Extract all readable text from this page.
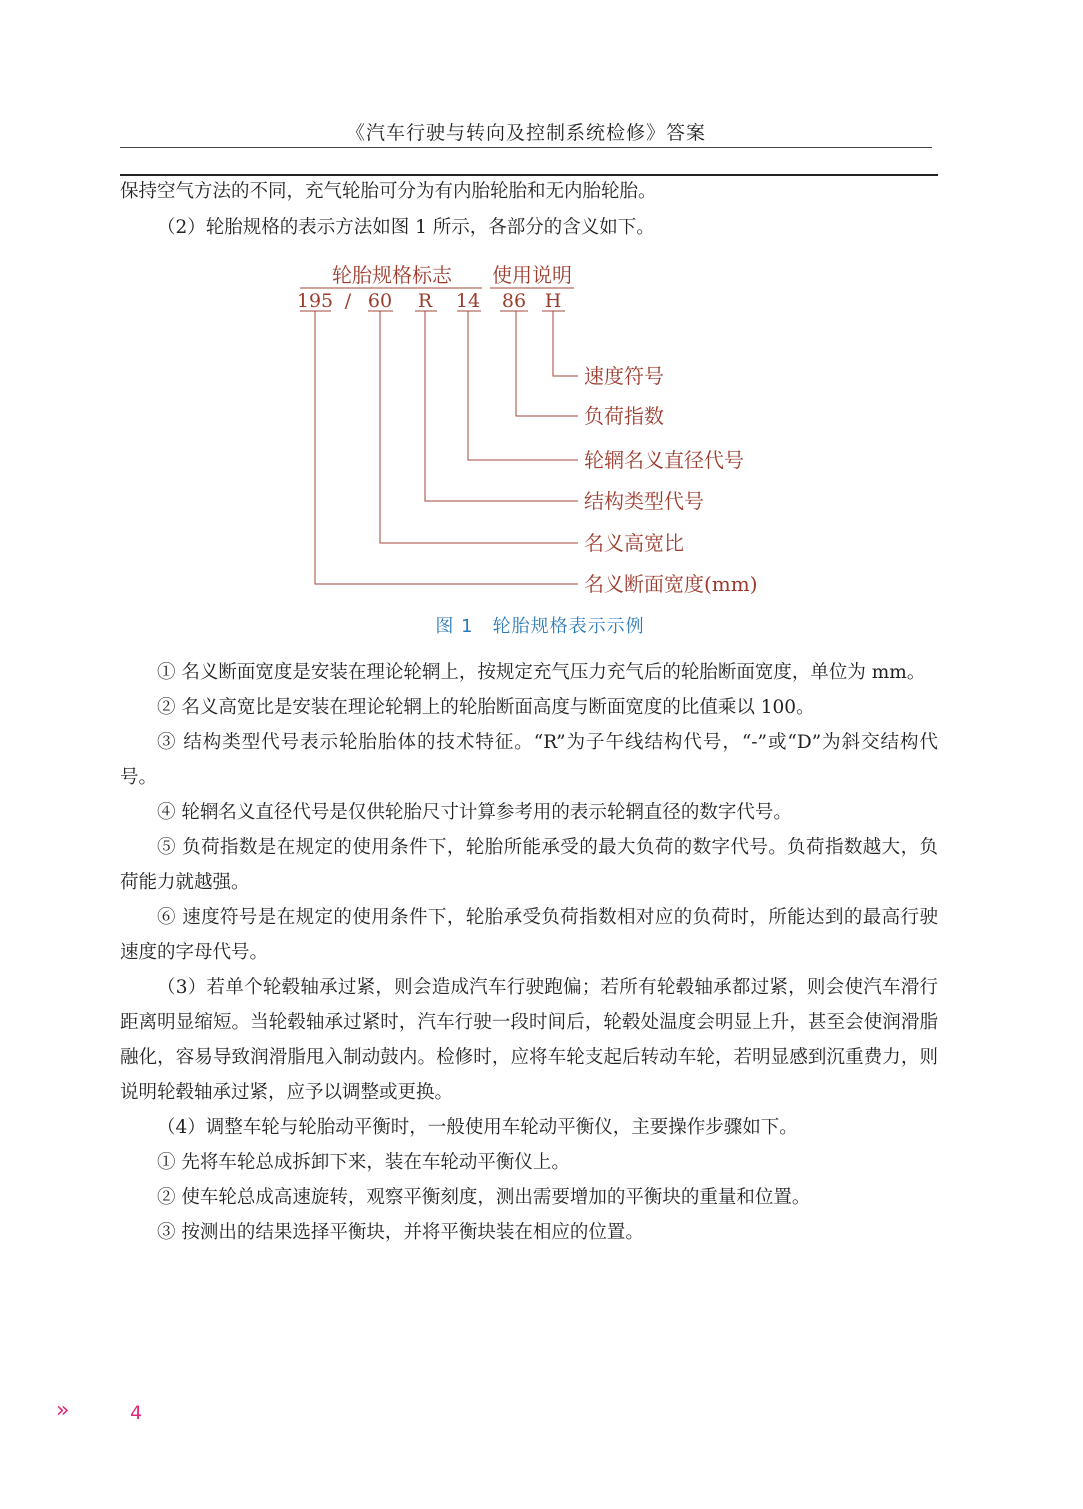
《汽车行驶与转向及控制系统检修》答案

保持空气方法的不同，充气轮胎可分为有内胎轮胎和无内胎轮胎。

（2）轮胎规格的表示方法如图 1 所示，各部分的含义如下。

轮胎规格标志 使用说明
195 / 60 R 14 86 H
速度符号
负荷指数
轮辋名义直径代号
结构类型代号
名义高宽比
名义断面宽度(mm)
图 1　轮胎规格表示示例

① 名义断面宽度是安装在理论轮辋上，按规定充气压力充气后的轮胎断面宽度，单位为 mm。

② 名义高宽比是安装在理论轮辋上的轮胎断面高度与断面宽度的比值乘以 100。

③ 结构类型代号表示轮胎胎体的技术特征。“R”为子午线结构代号，“-”或“D”为斜交结构代号。

④ 轮辋名义直径代号是仅供轮胎尺寸计算参考用的表示轮辋直径的数字代号。

⑤ 负荷指数是在规定的使用条件下，轮胎所能承受的最大负荷的数字代号。负荷指数越大，负荷能力就越强。

⑥ 速度符号是在规定的使用条件下，轮胎承受负荷指数相对应的负荷时，所能达到的最高行驶速度的字母代号。

（3）若单个轮毂轴承过紧，则会造成汽车行驶跑偏；若所有轮毂轴承都过紧，则会使汽车滑行距离明显缩短。当轮毂轴承过紧时，汽车行驶一段时间后，轮毂处温度会明显上升，甚至会使润滑脂融化，容易导致润滑脂甩入制动鼓内。检修时，应将车轮支起后转动车轮，若明显感到沉重费力，则说明轮毂轴承过紧，应予以调整或更换。

（4）调整车轮与轮胎动平衡时，一般使用车轮动平衡仪，主要操作步骤如下。

① 先将车轮总成拆卸下来，装在车轮动平衡仪上。

② 使车轮总成高速旋转，观察平衡刻度，测出需要增加的平衡块的重量和位置。

③ 按测出的结果选择平衡块，并将平衡块装在相应的位置。

»	4
